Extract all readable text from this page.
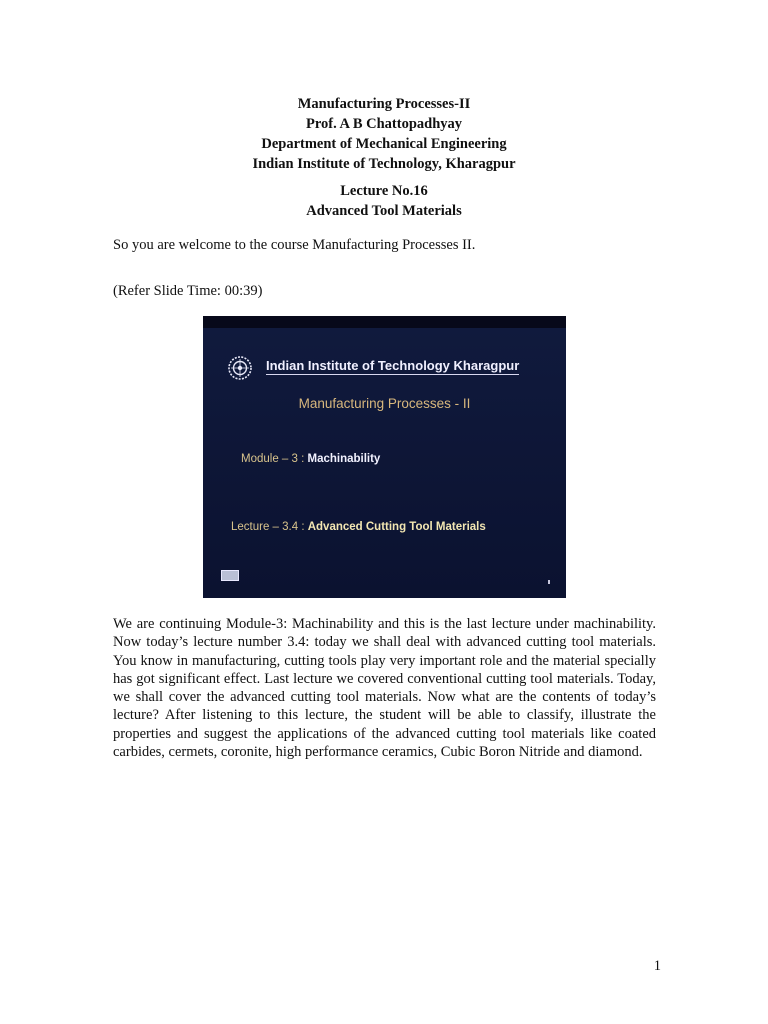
Manufacturing Processes-II
Prof. A B Chattopadhyay
Department of Mechanical Engineering
Indian Institute of Technology, Kharagpur
Lecture No.16
Advanced Tool Materials
So you are welcome to the course Manufacturing Processes II.
(Refer Slide Time: 00:39)
Indian Institute of Technology Kharagpur
Manufacturing Processes - II
Module – 3 : Machinability
Lecture – 3.4 : Advanced Cutting Tool Materials
We are continuing Module-3: Machinability and this is the last lecture under machinability. Now today’s lecture number 3.4: today we shall deal with advanced cutting tool materials. You know in manufacturing, cutting tools play very important role and the material specially has got significant effect. Last lecture we covered conventional cutting tool materials. Today, we shall cover the advanced cutting tool materials. Now what are the contents of today’s lecture? After listening to this lecture, the student will be able to classify, illustrate the properties and suggest the applications of the advanced cutting tool materials like coated carbides, cermets, coronite, high performance ceramics, Cubic Boron Nitride and diamond.
1
